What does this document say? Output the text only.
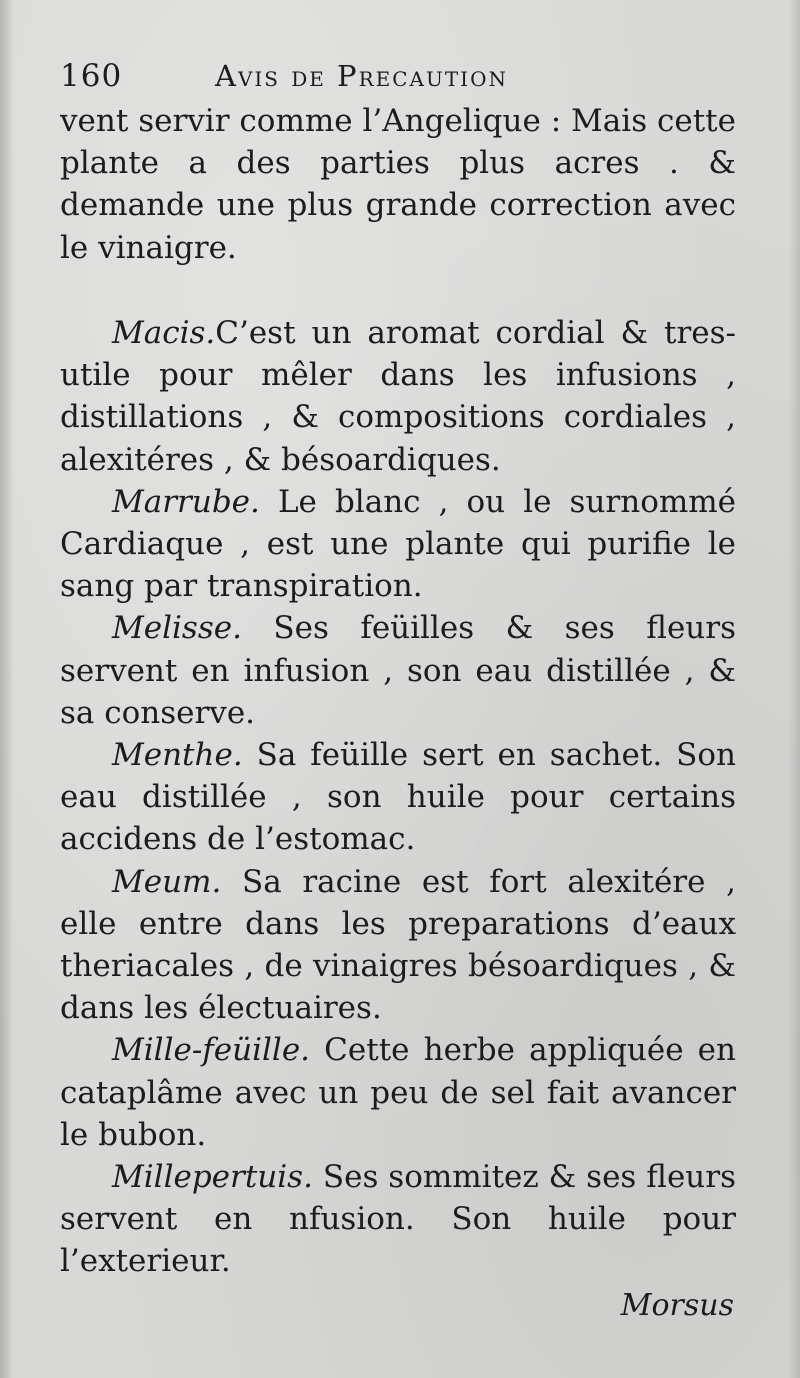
160	Avis de Precaution

vent servir comme l’Angelique : Mais cette plante a des parties plus acres . & demande une plus grande correction avec le vinaigre.

Macis.C’est un aromat cordial & tres-utile pour mêler dans les infusions , distillations , & compositions cordiales , alexitéres , & bésoardiques.

Marrube. Le blanc , ou le surnommé Cardiaque , est une plante qui purifie le sang par transpiration.

Melisse. Ses feüilles & ses fleurs servent en infusion , son eau distillée , & sa conserve.

Menthe. Sa feüille sert en sachet. Son eau distillée , son huile pour certains accidens de l’estomac.

Meum. Sa racine est fort alexitére , elle entre dans les preparations d’eaux theriacales , de vinaigres bésoardiques , & dans les électuaires.

Mille-feüille. Cette herbe appliquée en cataplâme avec un peu de sel fait avancer le bubon.

Millepertuis. Ses sommitez & ses fleurs servent en nfusion. Son huile pour l’exterieur.

Morsus
